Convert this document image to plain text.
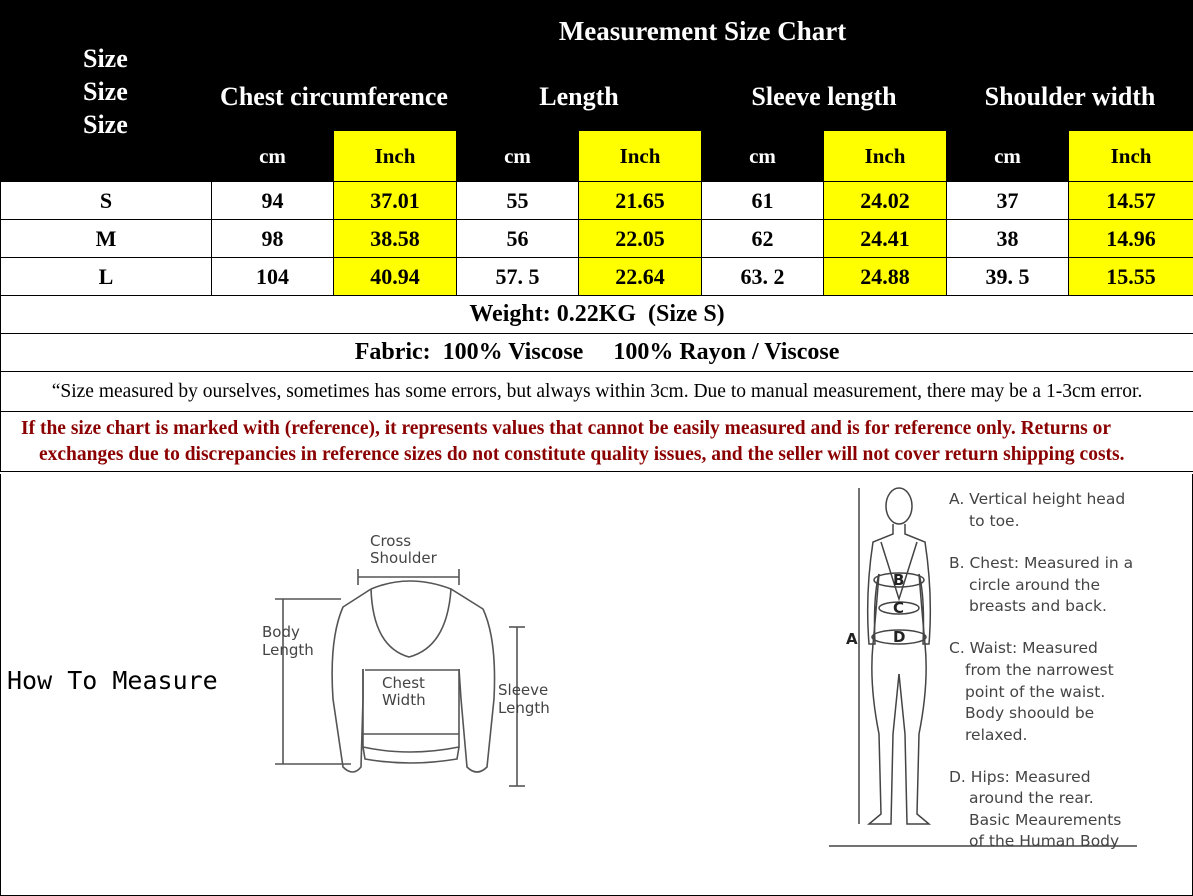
Size
Size
Size	Measurement Size Chart							
	Chest circumference		Length		Sleeve length		Shoulder width	
	cm	Inch	cm	Inch	cm	Inch	cm	Inch
S	94	37.01	55	21.65	61	24.02	37	14.57
M	98	38.58	56	22.05	62	24.41	38	14.96
L	104	40.94	57. 5	22.64	63. 2	24.88	39. 5	15.55
Weight: 0.22KG  (Size S)								
Fabric:  100% Viscose     100% Rayon / Viscose								
“Size measured by ourselves, sometimes has some errors, but always within 3cm. Due to manual measurement, there may be a 1-3cm error.								

If the size chart is marked with (reference), it represents values that cannot be easily measured and is for reference only. Returns or
exchanges due to discrepancies in reference sizes do not constitute quality issues, and the seller will not cover return shipping costs.								
How To Measure
Cross
Shoulder
Body
Length
Chest
Width
Sleeve
Length
A
B
C
D
A. Vertical height head
to toe.
B. Chest: Measured in a
circle around the
breasts and back.
C. Waist: Measured
from the narrowest
point of the waist.
Body shoould be
relaxed.
D. Hips: Measured
around the rear.
Basic Meaurements
of the Human Body
